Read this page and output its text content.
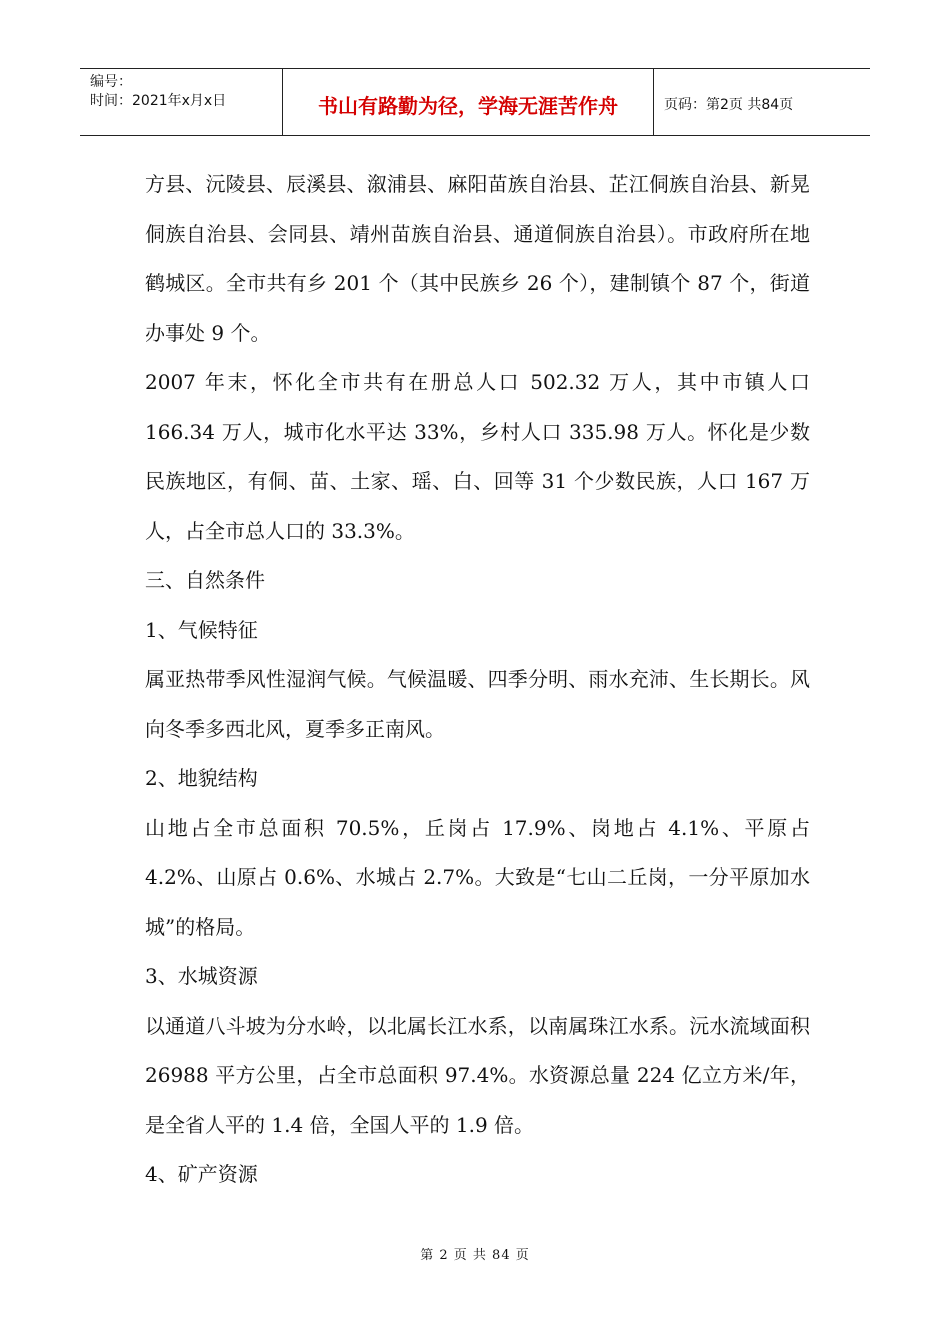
编号：
时间：2021年x月x日	书山有路勤为径，学海无涯苦作舟	页码：第2页 共84页

方县、沅陵县、辰溪县、溆浦县、麻阳苗族自治县、芷江侗族自治县、新晃侗族自治县、会同县、靖州苗族自治县、通道侗族自治县）。市政府所在地鹤城区。全市共有乡 201 个（其中民族乡 26 个），建制镇个 87 个，街道办事处 9 个。

2007 年末，怀化全市共有在册总人口 502.32 万人，其中市镇人口 166.34 万人，城市化水平达 33%，乡村人口 335.98 万人。怀化是少数民族地区，有侗、苗、土家、瑶、白、回等 31 个少数民族，人口 167 万人，占全市总人口的 33.3%。

三、自然条件

1、气候特征

属亚热带季风性湿润气候。气候温暖、四季分明、雨水充沛、生长期长。风向冬季多西北风，夏季多正南风。

2、地貌结构

山地占全市总面积 70.5%，丘岗占 17.9%、岗地占 4.1%、平原占 4.2%、山原占 0.6%、水城占 2.7%。大致是“七山二丘岗，一分平原加水城”的格局。

3、水城资源

以通道八斗坡为分水岭，以北属长江水系，以南属珠江水系。沅水流域面积 26988 平方公里，占全市总面积 97.4%。水资源总量 224 亿立方米/年，是全省人平的 1.4 倍，全国人平的 1.9 倍。

4、矿产资源

第 2 页 共 84 页
